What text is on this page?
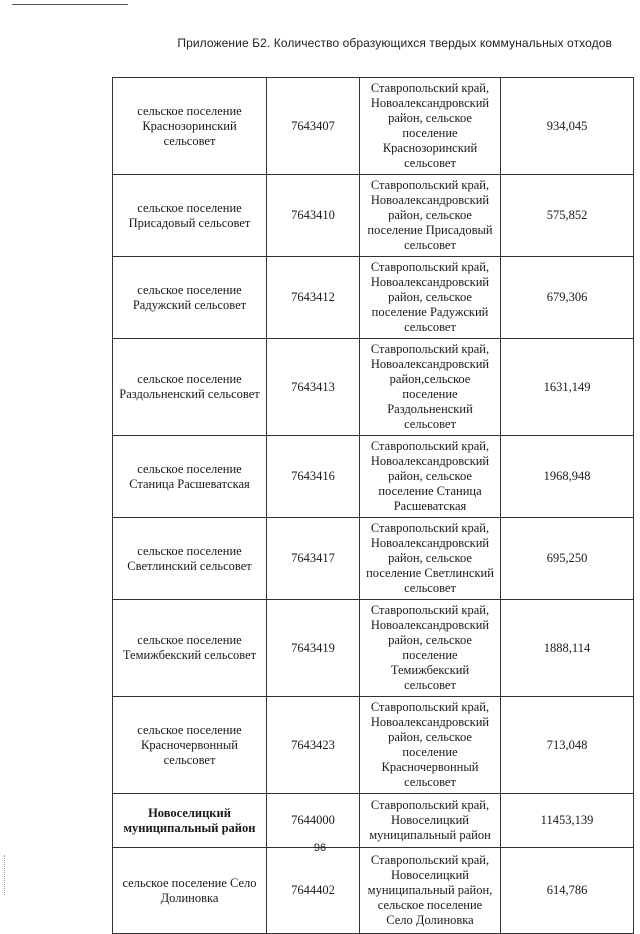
Приложение Б2. Количество образующихся твердых коммунальных отходов
сельское поселение Краснозоринский сельсовет	7643407	Ставропольский край, Новоалександровский район, сельское поселение Краснозоринский сельсовет	934,045
сельское поселение Присадовый сельсовет	7643410	Ставропольский край, Новоалександровский район, сельское поселение Присадовый сельсовет	575,852
сельское поселение Радужский сельсовет	7643412	Ставропольский край, Новоалександровский район, сельское поселение Радужский сельсовет	679,306
сельское поселение Раздольненский сельсовет	7643413	Ставропольский край, Новоалександровский район,сельское поселение Раздольненский сельсовет	1631,149
сельское поселение Станица Расшеватская	7643416	Ставропольский край, Новоалександровский район, сельское поселение Станица Расшеватская	1968,948
сельское поселение Светлинский сельсовет	7643417	Ставропольский край, Новоалександровский район, сельское поселение Светлинский сельсовет	695,250
сельское поселение Темижбекский сельсовет	7643419	Ставропольский край, Новоалександровский район, сельское поселение Темижбекский сельсовет	1888,114
сельское поселение Красночервонный сельсовет	7643423	Ставропольский край, Новоалександровский район, сельское поселение Красночервонный сельсовет	713,048
Новоселицкий муниципальный район	7644000	Ставропольский край, Новоселицкий муниципальный район	11453,139
сельское поселение Село Долиновка	7644402	Ставропольский край, Новоселицкий муниципальный район, сельское поселение Село Долиновка	614,786
96
